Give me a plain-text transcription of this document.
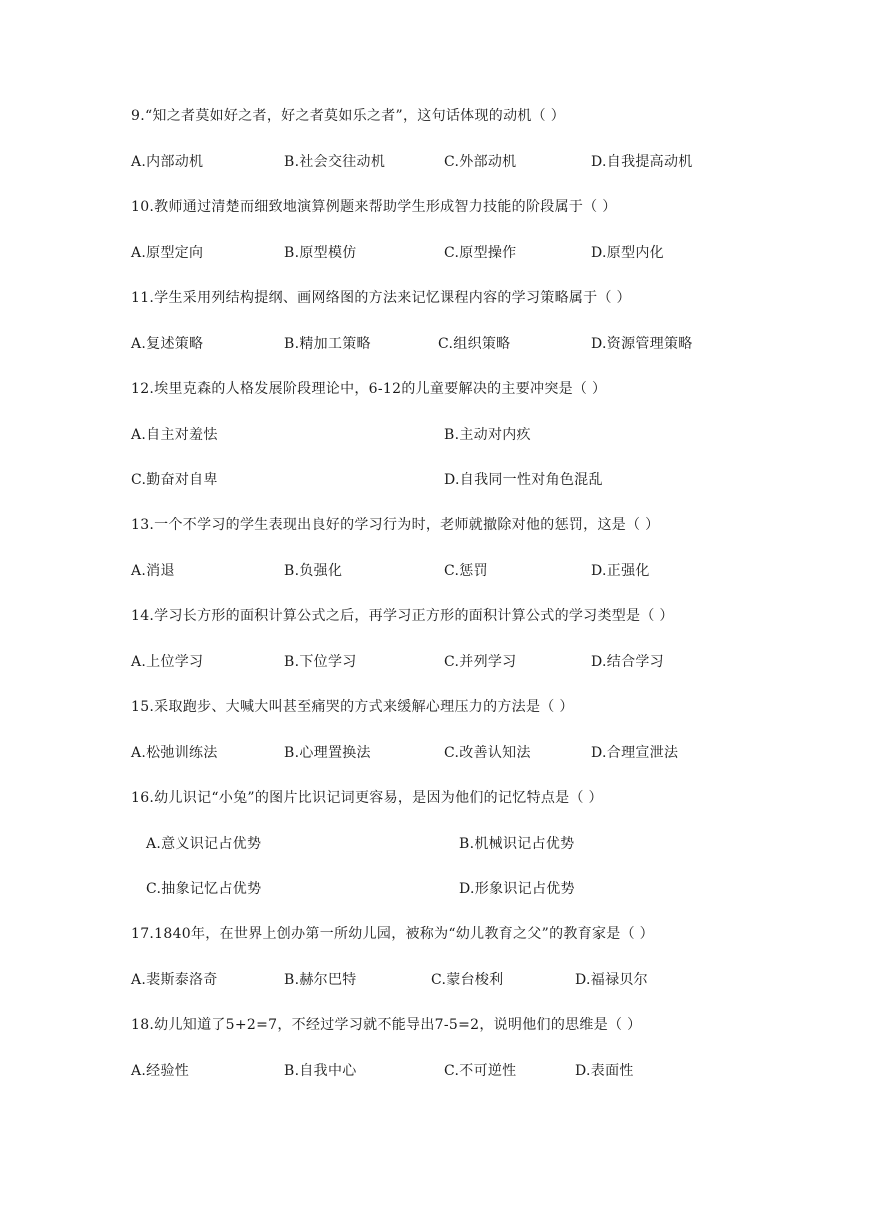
9.“知之者莫如好之者，好之者莫如乐之者”，这句话体现的动机（ ）
A.内部动机	B.社会交往动机	C.外部动机	D.自我提高动机
10.教师通过清楚而细致地演算例题来帮助学生形成智力技能的阶段属于（ ）
A.原型定向	B.原型模仿	C.原型操作	D.原型内化
11.学生采用列结构提纲、画网络图的方法来记忆课程内容的学习策略属于（ ）
A.复述策略	B.精加工策略	C.组织策略	D.资源管理策略
12.埃里克森的人格发展阶段理论中，6-12的儿童要解决的主要冲突是（ ）
A.自主对羞怯	B.主动对内疚
C.勤奋对自卑	D.自我同一性对角色混乱
13.一个不学习的学生表现出良好的学习行为时，老师就撤除对他的惩罚，这是（ ）
A.消退	B.负强化	C.惩罚	D.正强化
14.学习长方形的面积计算公式之后，再学习正方形的面积计算公式的学习类型是（ ）
A.上位学习	B.下位学习	C.并列学习	D.结合学习
15.采取跑步、大喊大叫甚至痛哭的方式来缓解心理压力的方法是（ ）
A.松弛训练法	B.心理置换法	C.改善认知法	D.合理宣泄法
16.幼儿识记“小兔”的图片比识记词更容易，是因为他们的记忆特点是（ ）
A.意义识记占优势	B.机械识记占优势
C.抽象记忆占优势	D.形象识记占优势
17.1840年，在世界上创办第一所幼儿园，被称为“幼儿教育之父”的教育家是（ ）
A.裴斯泰洛奇	B.赫尔巴特	C.蒙台梭利	D.福禄贝尔
18.幼儿知道了5+2=7，不经过学习就不能导出7-5=2，说明他们的思维是（ ）
A.经验性	B.自我中心	C.不可逆性	D.表面性
